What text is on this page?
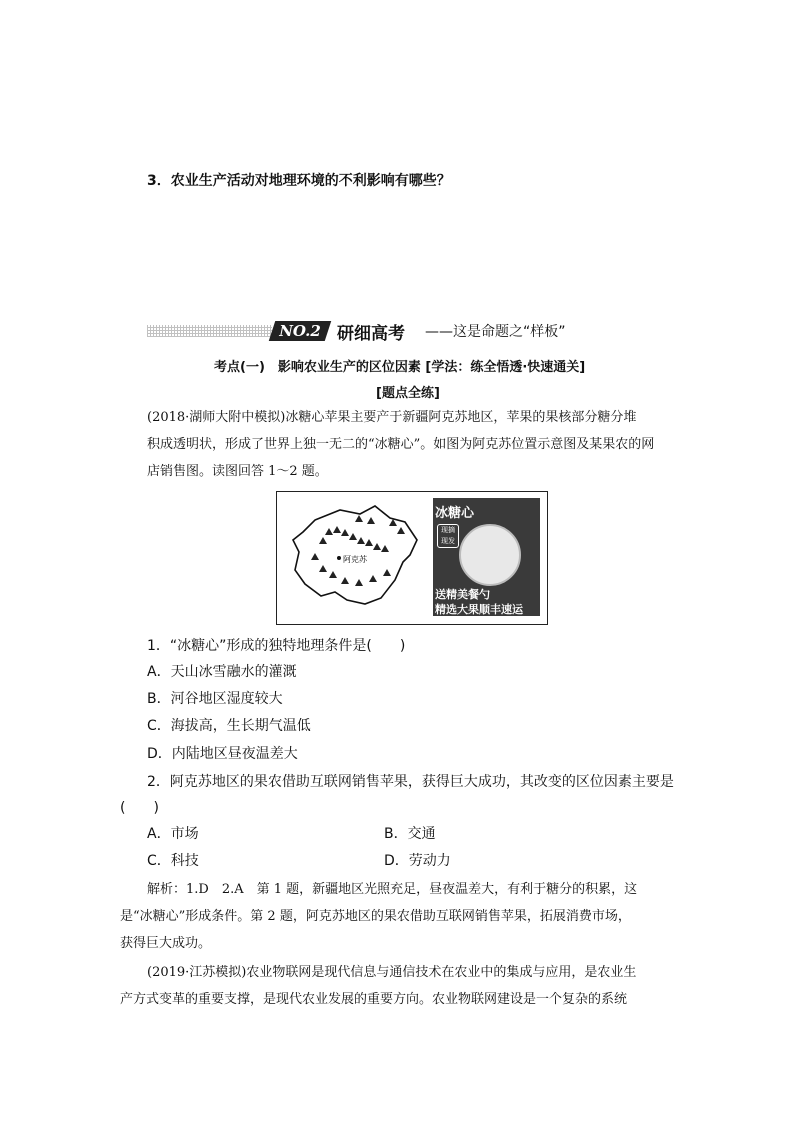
3．农业生产活动对地理环境的不利影响有哪些？
NO.2 研细高考 ——这是命题之“样板”
考点(一)　影响农业生产的区位因素 [学法：练全悟透·快速通关]
[题点全练]

(2018·湖师大附中模拟)冰糖心苹果主要产于新疆阿克苏地区，苹果的果核部分糖分堆

积成透明状，形成了世界上独一无二的“冰糖心”。如图为阿克苏位置示意图及某果农的网

店销售图。读图回答 1～2 题。

阿克苏
冰糖心
现摘现发
送精美餐勺
精选大果顺丰速运
1．“冰糖心”形成的独特地理条件是(　　)
A．天山冰雪融水的灌溉
B．河谷地区湿度较大
C．海拔高，生长期气温低
D．内陆地区昼夜温差大
2．阿克苏地区的果农借助互联网销售苹果，获得巨大成功，其改变的区位因素主要是
(　　)
A．市场	B．交通
C．科技	D．劳动力

解析：1.D　2.A　第 1 题，新疆地区光照充足，昼夜温差大，有利于糖分的积累，这

是“冰糖心”形成条件。第 2 题，阿克苏地区的果农借助互联网销售苹果，拓展消费市场，

获得巨大成功。

(2019·江苏模拟)农业物联网是现代信息与通信技术在农业中的集成与应用，是农业生

产方式变革的重要支撑，是现代农业发展的重要方向。农业物联网建设是一个复杂的系统
